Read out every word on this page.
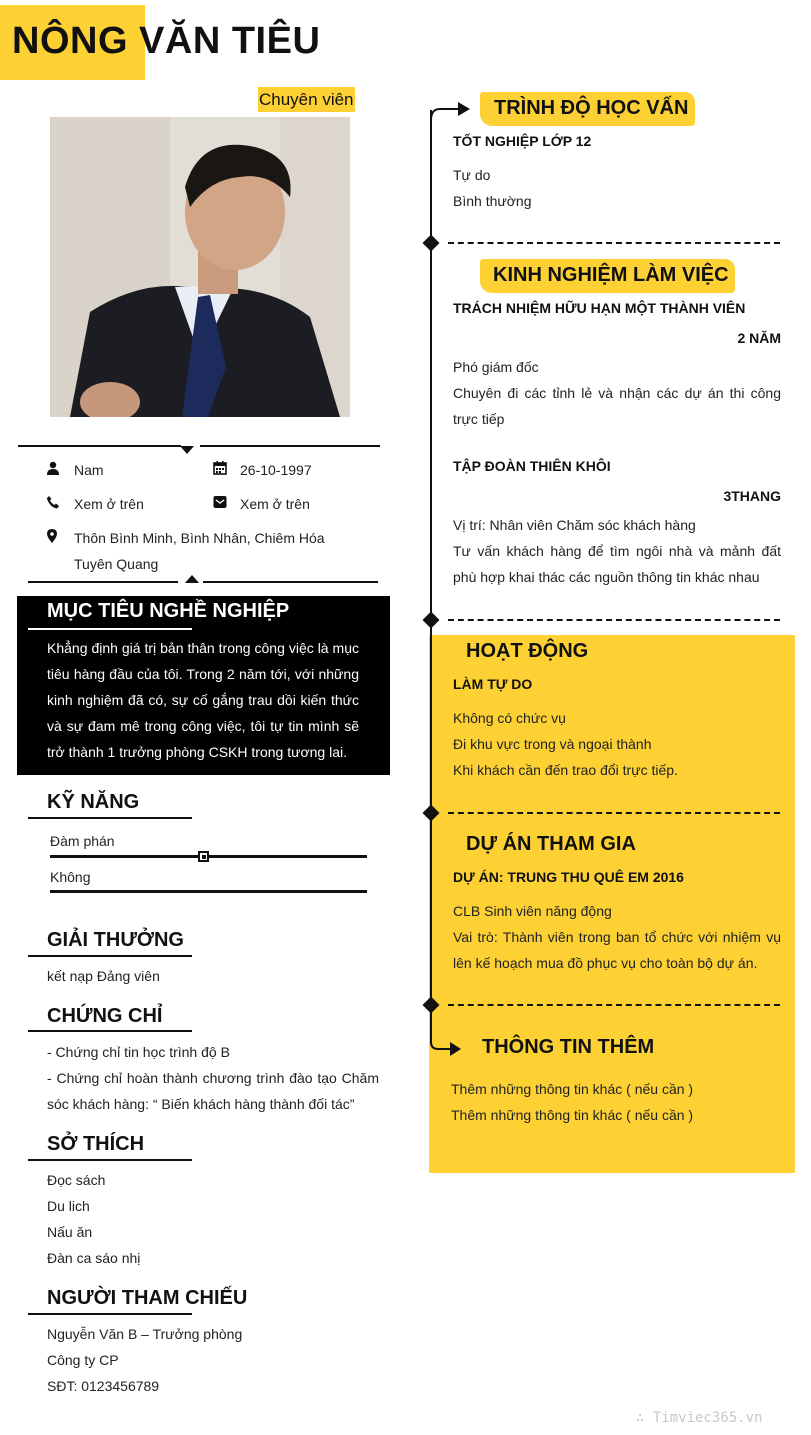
NÔNG VĂN TIÊU
Chuyên viên
Nam	26-10-1997
Xem ở trên	Xem ở trên
Thôn Bình Minh, Bình Nhân, Chiêm Hóa
Tuyên Quang
MỤC TIÊU NGHỀ NGHIỆP
Khẳng định giá trị bản thân trong công việc là mục tiêu hàng đầu của tôi. Trong 2 năm tới, với những kinh nghiệm đã có, sự cố gắng trau dồi kiến thức và sự đam mê trong công việc, tôi tự tin mình sẽ trở thành 1 trưởng phòng CSKH trong tương lai.
KỸ NĂNG
Đàm phán
Không
GIẢI THƯỞNG
kết nạp Đảng viên
CHỨNG CHỈ
- Chứng chỉ tin học trình độ B
- Chứng chỉ hoàn thành chương trình đào tạo Chăm sóc khách hàng: “ Biến khách hàng thành đối tác”
SỞ THÍCH
Đọc sách
Du lich
Nấu ăn
Đàn ca sáo nhị
NGƯỜI THAM CHIẾU
Nguyễn Văn B – Trưởng phòng
Công ty CP
SĐT: 0123456789
TRÌNH ĐỘ HỌC VẤN
TỐT NGHIỆP LỚP 12
Tự do
Bình thường
KINH NGHIỆM LÀM VIỆC
TRÁCH NHIỆM HỮU HẠN MỘT THÀNH VIÊN
2 NĂM
Phó giám đốc
Chuyên đi các tỉnh lẻ và nhận các dự án thi công trực tiếp
TẬP ĐOÀN THIÊN KHÔI
3THANG
Vị trí: Nhân viên Chăm sóc khách hàng
Tư vấn khách hàng để tìm ngôi nhà và mảnh đất phù hợp khai thác các nguồn thông tin khác nhau
HOẠT ĐỘNG
LÀM TỰ DO
Không có chức vụ
Đi khu vực trong và ngoại thành
Khi khách cần đến trao đổi trực tiếp.
DỰ ÁN THAM GIA
DỰ ÁN: TRUNG THU QUÊ EM 2016
CLB Sinh viên năng động
Vai trò: Thành viên trong ban tổ chức với nhiệm vụ lên kế hoạch mua đồ phục vụ cho toàn bộ dự án.
THÔNG TIN THÊM
Thêm những thông tin khác ( nếu cần )
Thêm những thông tin khác ( nếu cần )
∴ Timviec365.vn
